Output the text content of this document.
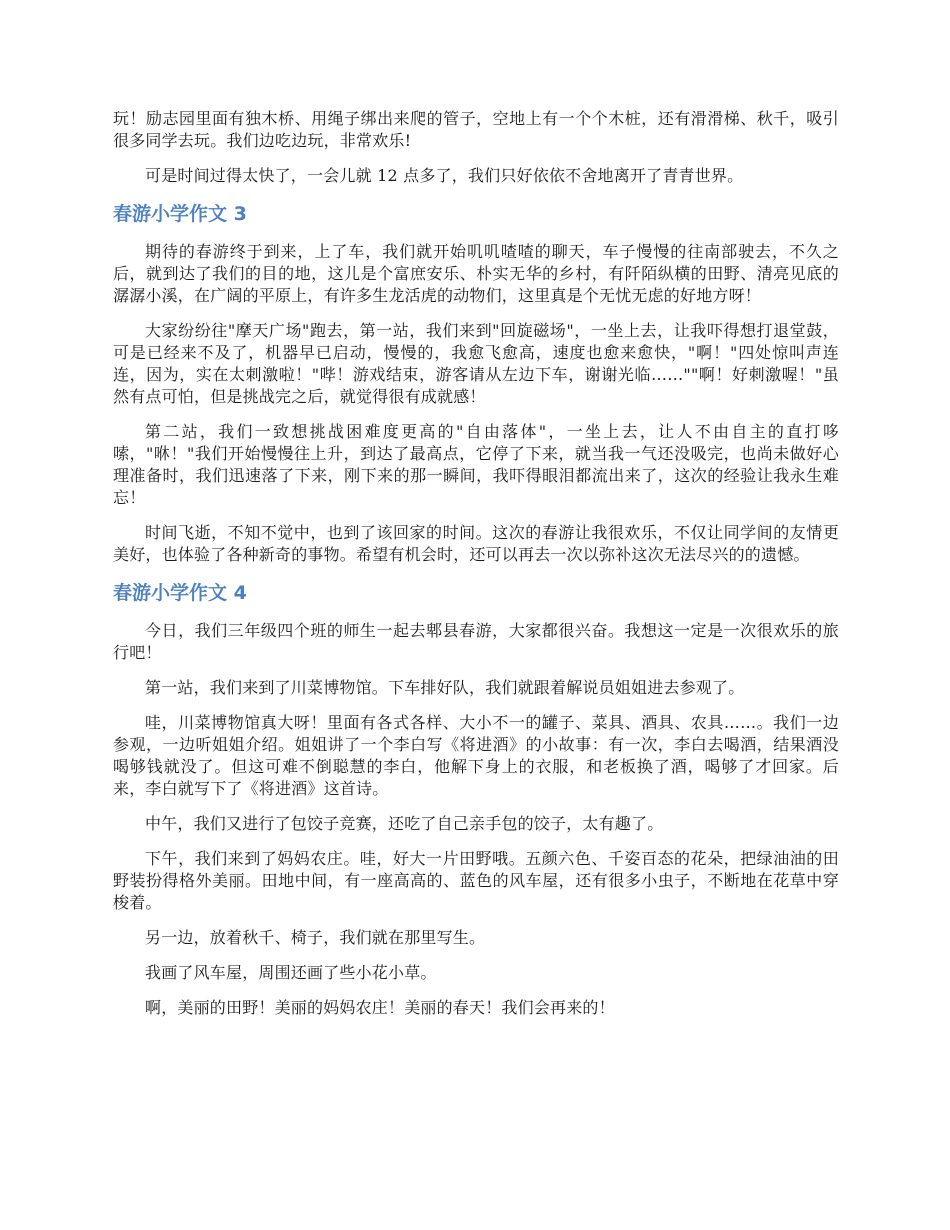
玩！励志园里面有独木桥、用绳子绑出来爬的管子，空地上有一个个木桩，还有滑滑梯、秋千，吸引很多同学去玩。我们边吃边玩，非常欢乐!

可是时间过得太快了，一会儿就 12 点多了，我们只好依依不舍地离开了青青世界。

春游小学作文 3

期待的春游终于到来，上了车，我们就开始叽叽喳喳的聊天，车子慢慢的往南部驶去，不久之后，就到达了我们的目的地，这儿是个富庶安乐、朴实无华的乡村，有阡陌纵横的田野、清亮见底的潺潺小溪，在广阔的平原上，有许多生龙活虎的动物们，这里真是个无忧无虑的好地方呀！

大家纷纷往"摩天广场"跑去，第一站，我们来到"回旋磁场"，一坐上去，让我吓得想打退堂鼓，可是已经来不及了，机器早已启动，慢慢的，我愈飞愈高，速度也愈来愈快，"啊！"四处惊叫声连连，因为，实在太刺激啦！"哔！游戏结束，游客请从左边下车，谢谢光临……""啊！好刺激喔！"虽然有点可怕，但是挑战完之后，就觉得很有成就感！

第二站，我们一致想挑战困难度更高的"自由落体"，一坐上去，让人不由自主的直打哆嗦，"咻！"我们开始慢慢往上升，到达了最高点，它停了下来，就当我一气还没吸完，也尚未做好心理准备时，我们迅速落了下来，刚下来的那一瞬间，我吓得眼泪都流出来了，这次的经验让我永生难忘！

时间飞逝，不知不觉中，也到了该回家的时间。这次的春游让我很欢乐，不仅让同学间的友情更美好，也体验了各种新奇的事物。希望有机会时，还可以再去一次以弥补这次无法尽兴的的遗憾。

春游小学作文 4

今日，我们三年级四个班的师生一起去郫县春游，大家都很兴奋。我想这一定是一次很欢乐的旅行吧！

第一站，我们来到了川菜博物馆。下车排好队，我们就跟着解说员姐姐进去参观了。

哇，川菜博物馆真大呀！里面有各式各样、大小不一的罐子、菜具、酒具、农具……。我们一边参观，一边听姐姐介绍。姐姐讲了一个李白写《将进酒》的小故事：有一次，李白去喝酒，结果酒没喝够钱就没了。但这可难不倒聪慧的李白，他解下身上的衣服，和老板换了酒，喝够了才回家。后来，李白就写下了《将进酒》这首诗。

中午，我们又进行了包饺子竞赛，还吃了自己亲手包的饺子，太有趣了。

下午，我们来到了妈妈农庄。哇，好大一片田野哦。五颜六色、千姿百态的花朵，把绿油油的田野装扮得格外美丽。田地中间，有一座高高的、蓝色的风车屋，还有很多小虫子，不断地在花草中穿梭着。

另一边，放着秋千、椅子，我们就在那里写生。

我画了风车屋，周围还画了些小花小草。

啊，美丽的田野！美丽的妈妈农庄！美丽的春天！我们会再来的！
